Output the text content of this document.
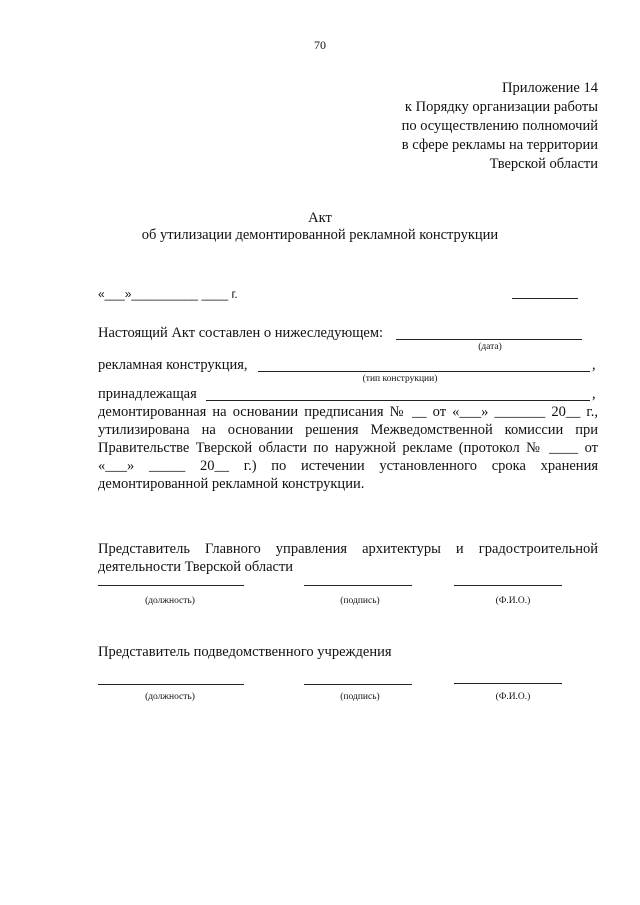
70
Приложение 14
к Порядку организации работы
по осуществлению полномочий
в сфере рекламы на территории
Тверской области
Акт
об утилизации демонтированной рекламной конструкции
«___»__________ ____ г.
Настоящий Акт составлен о нижеследующем:
(дата)
рекламная конструкция,	,
(тип конструкции)
принадлежащая	,
демонтированная на основании предписания № __ от «___» _______ 20__ г.,
утилизирована на основании решения Межведомственной комиссии при
Правительстве Тверской области по наружной рекламе (протокол № ____ от
«___» _____ 20__ г.) по истечении установленного срока хранения
демонтированной рекламной конструкции.
Представитель Главного управления архитектуры и градостроительной
деятельности Тверской области
(должность)	(подпись)	(Ф.И.О.)
Представитель подведомственного учреждения
(должность)	(подпись)	(Ф.И.О.)
